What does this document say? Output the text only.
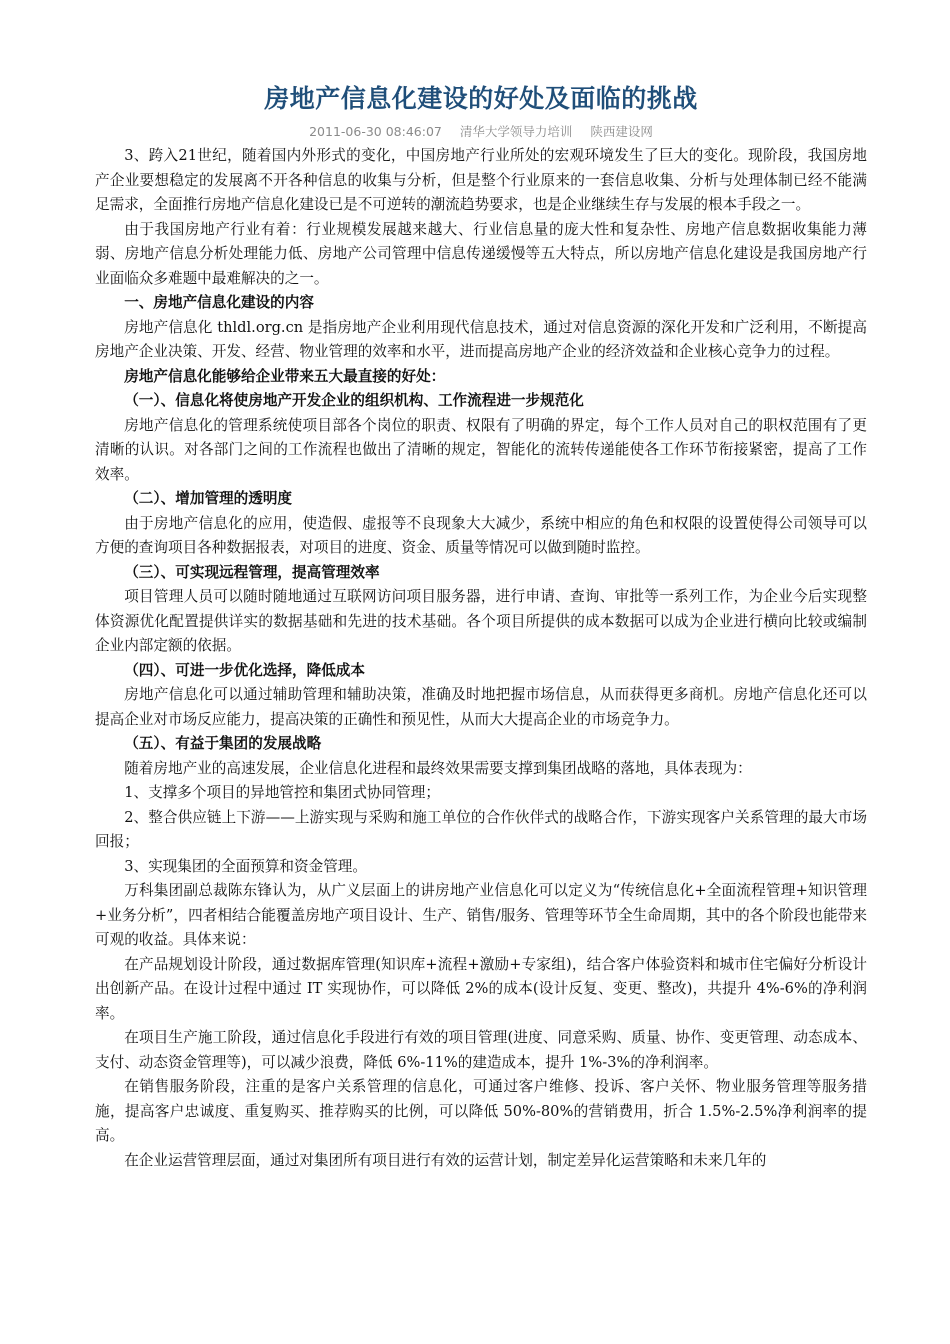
房地产信息化建设的好处及面临的挑战
2011-06-30 08:46:07 清华大学领导力培训 陕西建设网

3、跨入21世纪，随着国内外形式的变化，中国房地产行业所处的宏观环境发生了巨大的变化。现阶段，我国房地产企业要想稳定的发展离不开各种信息的收集与分析，但是整个行业原来的一套信息收集、分析与处理体制已经不能满足需求，全面推行房地产信息化建设已是不可逆转的潮流趋势要求，也是企业继续生存与发展的根本手段之一。

由于我国房地产行业有着：行业规模发展越来越大、行业信息量的庞大性和复杂性、房地产信息数据收集能力薄弱、房地产信息分析处理能力低、房地产公司管理中信息传递缓慢等五大特点，所以房地产信息化建设是我国房地产行业面临众多难题中最难解决的之一。

一、房地产信息化建设的内容

房地产信息化 thldl.org.cn 是指房地产企业利用现代信息技术，通过对信息资源的深化开发和广泛利用，不断提高房地产企业决策、开发、经营、物业管理的效率和水平，进而提高房地产企业的经济效益和企业核心竞争力的过程。

房地产信息化能够给企业带来五大最直接的好处：

（一）、信息化将使房地产开发企业的组织机构、工作流程进一步规范化

房地产信息化的管理系统使项目部各个岗位的职责、权限有了明确的界定，每个工作人员对自己的职权范围有了更清晰的认识。对各部门之间的工作流程也做出了清晰的规定，智能化的流转传递能使各工作环节衔接紧密，提高了工作效率。

（二）、增加管理的透明度

由于房地产信息化的应用，使造假、虚报等不良现象大大减少，系统中相应的角色和权限的设置使得公司领导可以方便的查询项目各种数据报表，对项目的进度、资金、质量等情况可以做到随时监控。

（三）、可实现远程管理，提高管理效率

项目管理人员可以随时随地通过互联网访问项目服务器，进行申请、查询、审批等一系列工作，为企业今后实现整体资源优化配置提供详实的数据基础和先进的技术基础。各个项目所提供的成本数据可以成为企业进行横向比较或编制企业内部定额的依据。

（四）、可进一步优化选择，降低成本

房地产信息化可以通过辅助管理和辅助决策，准确及时地把握市场信息，从而获得更多商机。房地产信息化还可以提高企业对市场反应能力，提高决策的正确性和预见性，从而大大提高企业的市场竞争力。

（五）、有益于集团的发展战略

随着房地产业的高速发展，企业信息化进程和最终效果需要支撑到集团战略的落地，具体表现为：

1、支撑多个项目的异地管控和集团式协同管理；

2、整合供应链上下游——上游实现与采购和施工单位的合作伙伴式的战略合作，下游实现客户关系管理的最大市场回报；

3、实现集团的全面预算和资金管理。

万科集团副总裁陈东锋认为，从广义层面上的讲房地产业信息化可以定义为“传统信息化+全面流程管理+知识管理+业务分析”，四者相结合能覆盖房地产项目设计、生产、销售/服务、管理等环节全生命周期，其中的各个阶段也能带来可观的收益。具体来说：

在产品规划设计阶段，通过数据库管理(知识库+流程+激励+专家组)，结合客户体验资料和城市住宅偏好分析设计出创新产品。在设计过程中通过 IT 实现协作，可以降低 2%的成本(设计反复、变更、整改)，共提升 4%-6%的净利润率。

在项目生产施工阶段，通过信息化手段进行有效的项目管理(进度、同意采购、质量、协作、变更管理、动态成本、支付、动态资金管理等)，可以减少浪费，降低 6%-11%的建造成本，提升 1%-3%的净利润率。

在销售服务阶段，注重的是客户关系管理的信息化，可通过客户维修、投诉、客户关怀、物业服务管理等服务措施，提高客户忠诚度、重复购买、推荐购买的比例，可以降低 50%-80%的营销费用，折合 1.5%-2.5%净利润率的提高。

在企业运营管理层面，通过对集团所有项目进行有效的运营计划，制定差异化运营策略和未来几年的
